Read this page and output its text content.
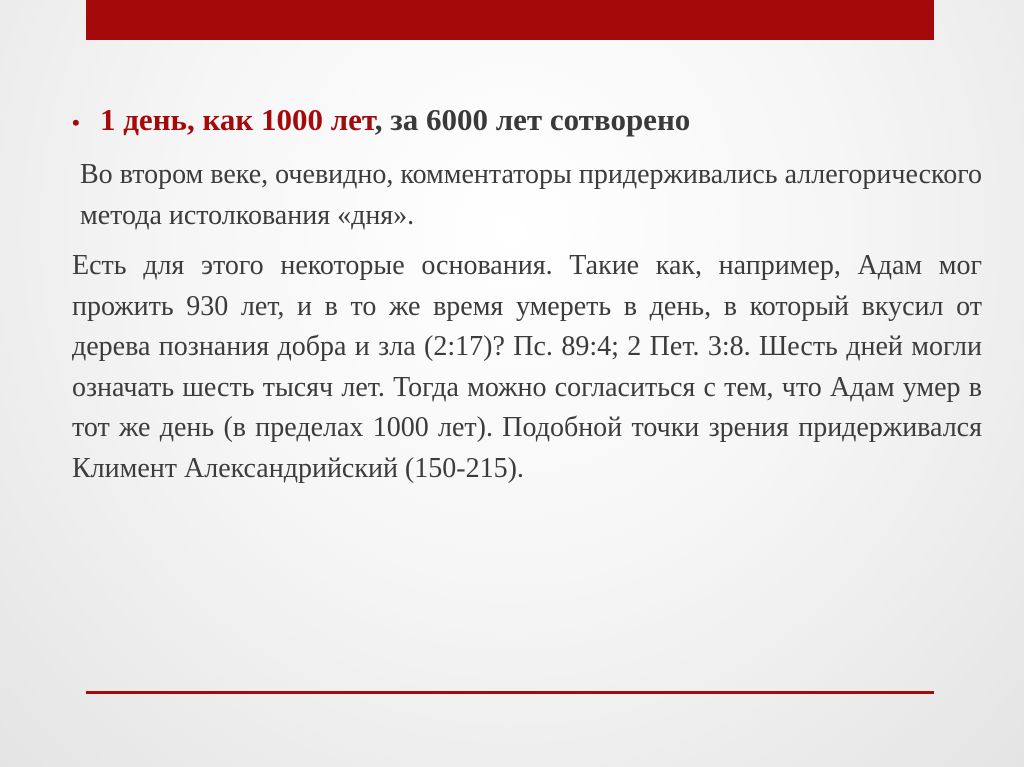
• 1 день, как 1000 лет, за 6000 лет сотворено

Во втором веке, очевидно, комментаторы придерживались аллегорического метода истолкования «дня».

Есть для этого некоторые основания. Такие как, например, Адам мог прожить 930 лет, и в то же время умереть в день, в который вкусил от дерева познания добра и зла (2:17)? Пс. 89:4; 2 Пет. 3:8. Шесть дней могли означать шесть тысяч лет. Тогда можно согласиться с тем, что Адам умер в тот же день (в пределах 1000 лет). Подобной точки зрения придерживался Климент Александрийский (150-215).
